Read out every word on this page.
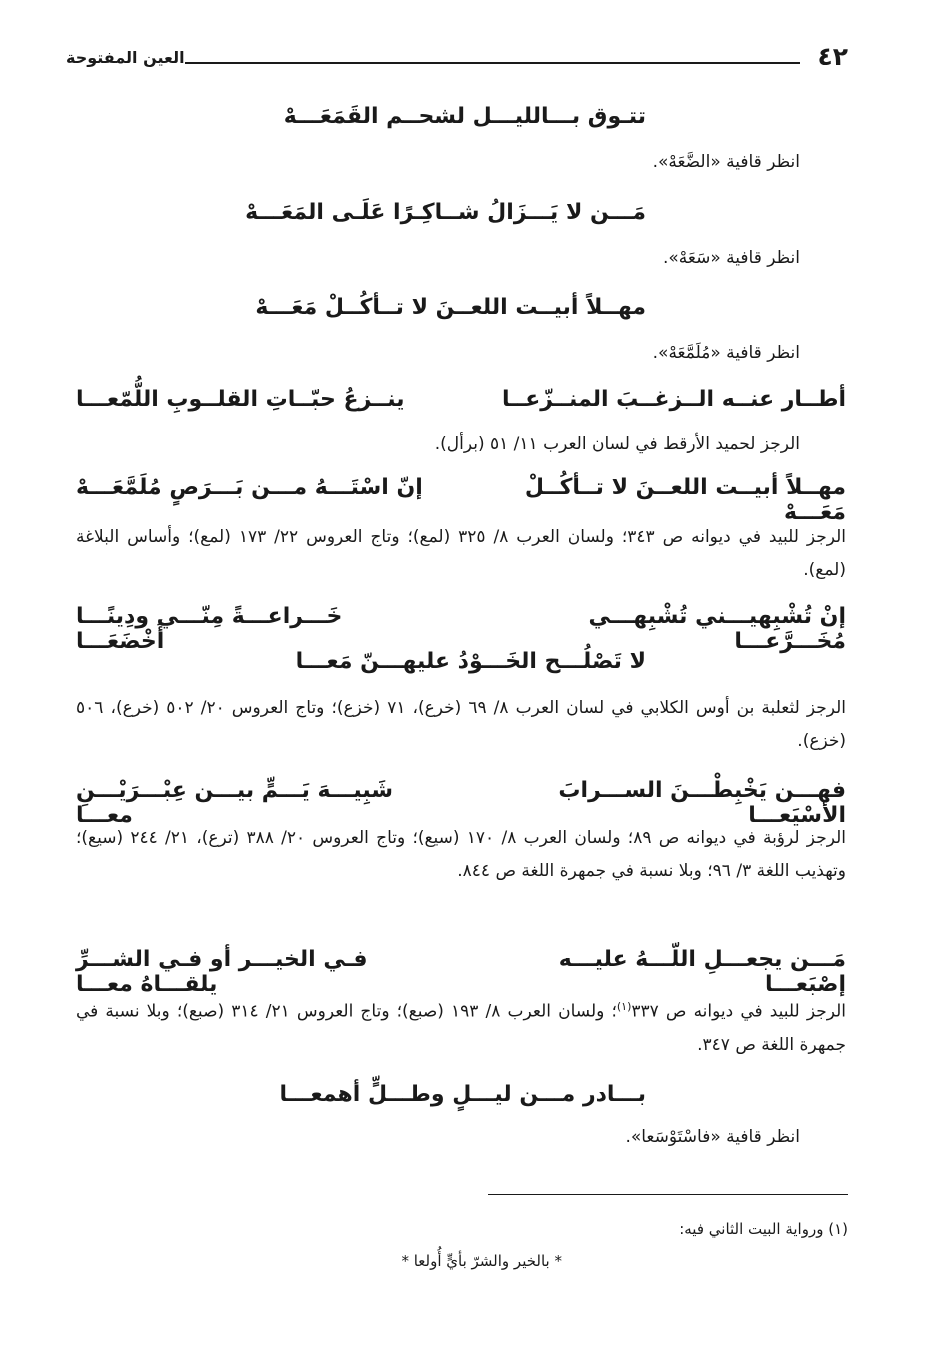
٤٢
العين المفتوحة
تتـوق بـــالليـــل لشحــم القَمَعَـــهْ
انظر قافية «الضَّعَهْ».
مَـــن لا يَـــزَالُ شــاكِـرًا عَلَـى المَعَـــهْ
انظر قافية «سَعَهْ».
مهــلاً أبيــت اللعــنَ لا تــأكُــلْ مَعَـــهْ
انظر قافية «مُلَمَّعَهْ».
أطــار عنــه الــزغــبَ المنــزّعــا
ينــزعُ حبّــاتِ القلــوبِ اللُّمّعـــا
الرجز لحميد الأرقط في لسان العرب ١١/ ٥١ (برأل).
مهــلاً أبيــت اللعــنَ لا تــأكُــلْ مَعَـــهْ
إنّ اسْتَـــهُ مـــن بَـــرَصٍ مُلَمَّعَـــهْ
الرجز للبيد في ديوانه ص ٣٤٣؛ ولسان العرب ٨/ ٣٢٥ (لمع)؛ وتاج العروس ٢٢/ ١٧٣ (لمع)؛ وأساس البلاغة (لمع).
إنْ تُشْبِهيـــني تُشْبِهـــي مُخَـــرَّعـــا
خَـــراعـــةً مِنّـــي ودِينًـــا أَخْضَعَـــا
لا تَصْلُـــح الخَـــوْدُ عليهـــنّ مَعـــا
الرجز لثعلبة بن أوس الكلابي في لسان العرب ٨/ ٦٩ (خرع)، ٧١ (خزع)؛ وتاج العروس ٢٠/ ٥٠٢ (خرع)، ٥٠٦ (خزع).
فهـــن يَخْبِطْـــنَ الســـرابَ الأسْيَعـــا
شَبِيـــهَ يَـــمٍّ بيـــن عِبْـــرَيْـــنِ معـــا
الرجز لرؤبة في ديوانه ص ٨٩؛ ولسان العرب ٨/ ١٧٠ (سيع)؛ وتاج العروس ٢٠/ ٣٨٨ (ترع)، ٢١/ ٢٤٤ (سيع)؛ وتهذيب اللغة ٣/ ٩٦؛ وبلا نسبة في جمهرة اللغة ص ٨٤٤.
مَـــن يجعـــلِ اللّـــهُ عليـــه إصْبَعـــا
فـي الخيـــر أو فـي الشـــرِّ يلقـــاهُ معـــا
الرجز للبيد في ديوانه ص ٣٣٧$^{(١)}$؛ ولسان العرب ٨/ ١٩٣ (صبع)؛ وتاج العروس ٢١/ ٣١٤ (صبع)؛ وبلا نسبة في جمهرة اللغة ص ٣٤٧.
بـــادر مـــن ليـــلٍ وطـــلٍّ أهمعـــا
انظر قافية «فاسْتَوْسَعا».
(١) ورواية البيت الثاني فيه:
* بالخير والشرّ بأيٍّ أُولعا *
